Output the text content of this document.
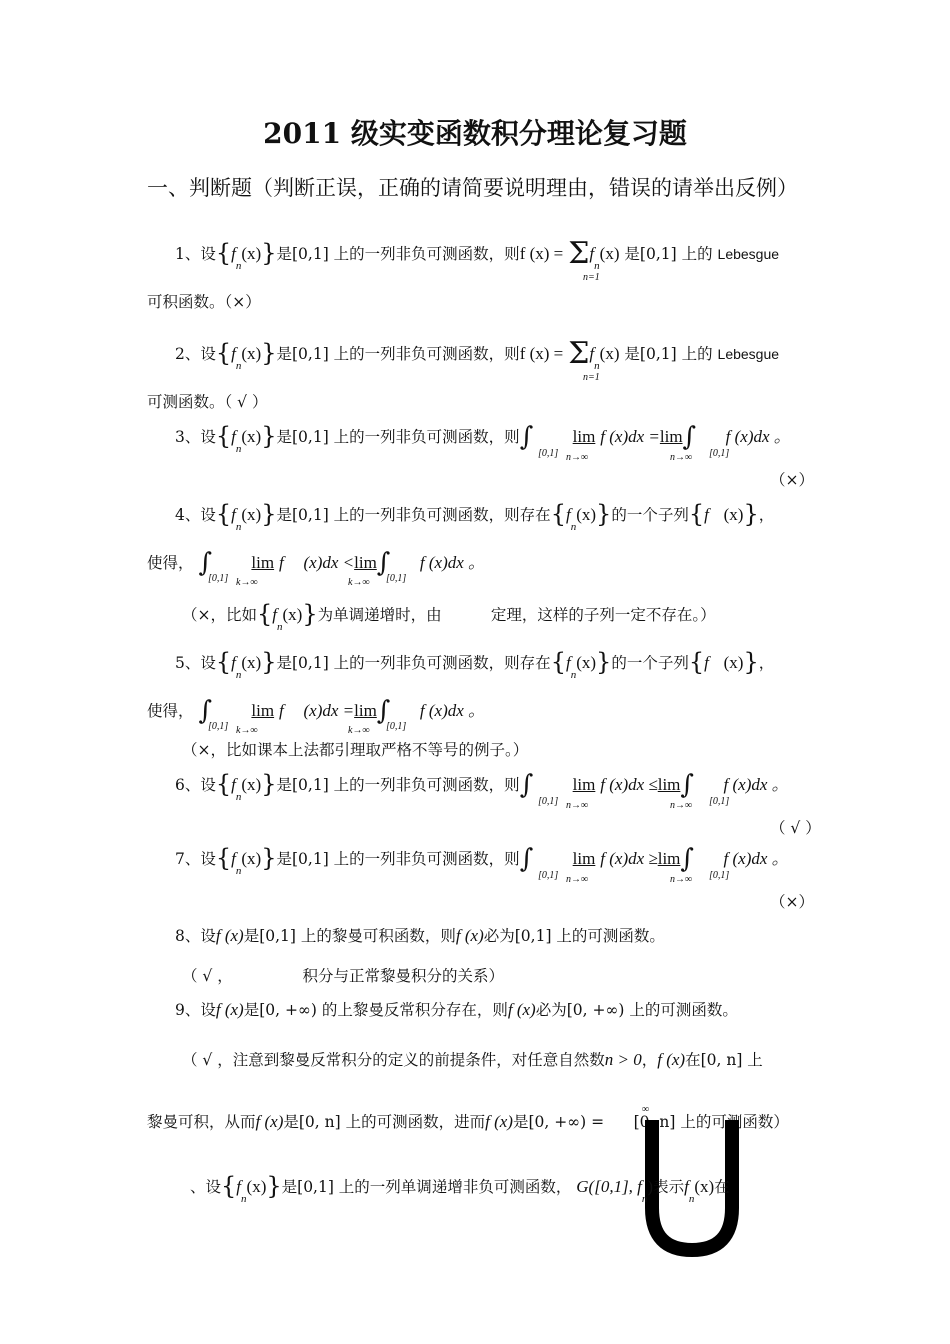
2011 级实变函数积分理论复习题
一、判断题（判断正误，正确的请简要说明理由，错误的请举出反例）
1、设$\{f_n(x)\}$是[0,1] 上的一列非负可测函数，则f $(x) = \Sigma f_n(x)$ 是[0,1] 上的 Lebesgue
n=1
可积函数。（×）
2、设$\{f_n(x)\}$是[0,1] 上的一列非负可测函数，则f $(x) = \Sigma f_n(x)$ 是[0,1] 上的 Lebesgue
n=1
可测函数。（ √ ）
3、设$\{f_n(x)\}$是[0,1] 上的一列非负可测函数，则∫ lim f (x)dx =lim∫ f (x)dx 。
[0,1] n→∞	n→∞ [0,1]
（×）
4、设$\{f_n(x)\}$是[0,1] 上的一列非负可测函数，则存在$\{f_n(x)\}$的一个子列{f (x)}，
使得， ∫ lim f (x)dx <lim∫ f (x)dx 。
[0,1] k→∞	k→∞ [0,1]
（×，比如$\{f_n(x)\}$为单调递增时，由	定理，这样的子列一定不存在。）
5、设$\{f_n(x)\}$是[0,1] 上的一列非负可测函数，则存在$\{f_n(x)\}$的一个子列{f (x)}，
使得， ∫ lim f (x)dx =lim∫ f (x)dx 。
[0,1] k→∞	k→∞ [0,1]
（×，比如课本上法都引理取严格不等号的例子。）
6、设$\{f_n(x)\}$是[0,1] 上的一列非负可测函数，则∫ lim f (x)dx ≤lim∫ f (x)dx 。
[0,1] n→∞	n→∞ [0,1]
（ √ ）
7、设$\{f_n(x)\}$是[0,1] 上的一列非负可测函数，则∫ lim f (x)dx ≥lim∫ f (x)dx 。
[0,1] n→∞	n→∞ [0,1]
（×）
8、设f (x)是[0,1] 上的黎曼可积函数，则f (x)必为[0,1] 上的可测函数。
（ √ ，　　　　　积分与正常黎曼积分的关系）
9、设f (x)是[0, +∞) 的上黎曼反常积分存在，则f (x)必为[0, +∞) 上的可测函数。
（ √ ，注意到黎曼反常积分的定义的前提条件，对任意自然数n > 0，f (x)在[0, n] 上
黎曼可积，从而f (x)是[0, n] 上的可测函数，进而f (x)是[0, +∞) = [0, n] 上的可测函数）
∞
、设$\{f_n(x)\}$是[0,1] 上的一列单调递增非负可测函数， G([0,1], $f_n$)表示$f_n(x)$在
